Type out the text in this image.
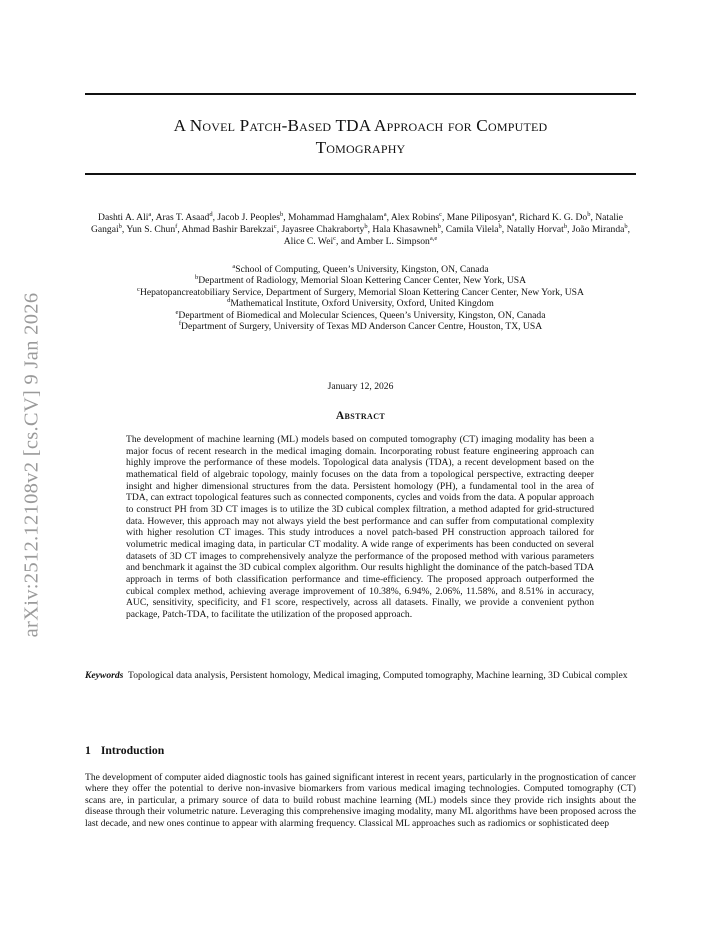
arXiv:2512.12108v2 [cs.CV] 9 Jan 2026
A Novel Patch-Based TDA Approach for Computed
Tomography
Dashti A. Ali$^a$, Aras T. Asaad$^d$, Jacob J. Peoples$^b$, Mohammad Hamghalam$^a$, Alex Robins$^c$, Mane Piliposyan$^a$, Richard K. G. Do$^b$, Natalie Gangai$^b$, Yun S. Chun$^f$, Ahmad Bashir Barekzai$^c$, Jayasree Chakraborty$^b$, Hala Khasawneh$^b$, Camila Vilela$^b$, Natally Horvat$^b$, João Miranda$^b$, Alice C. Wei$^c$, and Amber L. Simpson$^{a,e}$
$^a$School of Computing, Queen’s University, Kingston, ON, Canada
$^b$Department of Radiology, Memorial Sloan Kettering Cancer Center, New York, USA
$^c$Hepatopancreatobiliary Service, Department of Surgery, Memorial Sloan Kettering Cancer Center, New York, USA
$^d$Mathematical Institute, Oxford University, Oxford, United Kingdom
$^e$Department of Biomedical and Molecular Sciences, Queen’s University, Kingston, ON, Canada
$^f$Department of Surgery, University of Texas MD Anderson Cancer Centre, Houston, TX, USA
January 12, 2026
Abstract
The development of machine learning (ML) models based on computed tomography (CT) imaging modality has been a major focus of recent research in the medical imaging domain. Incorporating robust feature engineering approach can highly improve the performance of these models. Topological data analysis (TDA), a recent development based on the mathematical field of algebraic topology, mainly focuses on the data from a topological perspective, extracting deeper insight and higher dimensional structures from the data. Persistent homology (PH), a fundamental tool in the area of TDA, can extract topological features such as connected components, cycles and voids from the data. A popular approach to construct PH from 3D CT images is to utilize the 3D cubical complex filtration, a method adapted for grid-structured data. However, this approach may not always yield the best performance and can suffer from computational complexity with higher resolution CT images. This study introduces a novel patch-based PH construction approach tailored for volumetric medical imaging data, in particular CT modality. A wide range of experiments has been conducted on several datasets of 3D CT images to comprehensively analyze the performance of the proposed method with various parameters and benchmark it against the 3D cubical complex algorithm. Our results highlight the dominance of the patch-based TDA approach in terms of both classification performance and time-efficiency. The proposed approach outperformed the cubical complex method, achieving average improvement of 10.38%, 6.94%, 2.06%, 11.58%, and 8.51% in accuracy, AUC, sensitivity, specificity, and F1 score, respectively, across all datasets. Finally, we provide a convenient python package, Patch-TDA, to facilitate the utilization of the proposed approach.
Keywords Topological data analysis, Persistent homology, Medical imaging, Computed tomography, Machine learning, 3D Cubical complex
1 Introduction
The development of computer aided diagnostic tools has gained significant interest in recent years, particularly in the prognostication of cancer where they offer the potential to derive non-invasive biomarkers from various medical imaging technologies. Computed tomography (CT) scans are, in particular, a primary source of data to build robust machine learning (ML) models since they provide rich insights about the disease through their volumetric nature. Leveraging this comprehensive imaging modality, many ML algorithms have been proposed across the last decade, and new ones continue to appear with alarming frequency. Classical ML approaches such as radiomics or sophisticated deep
